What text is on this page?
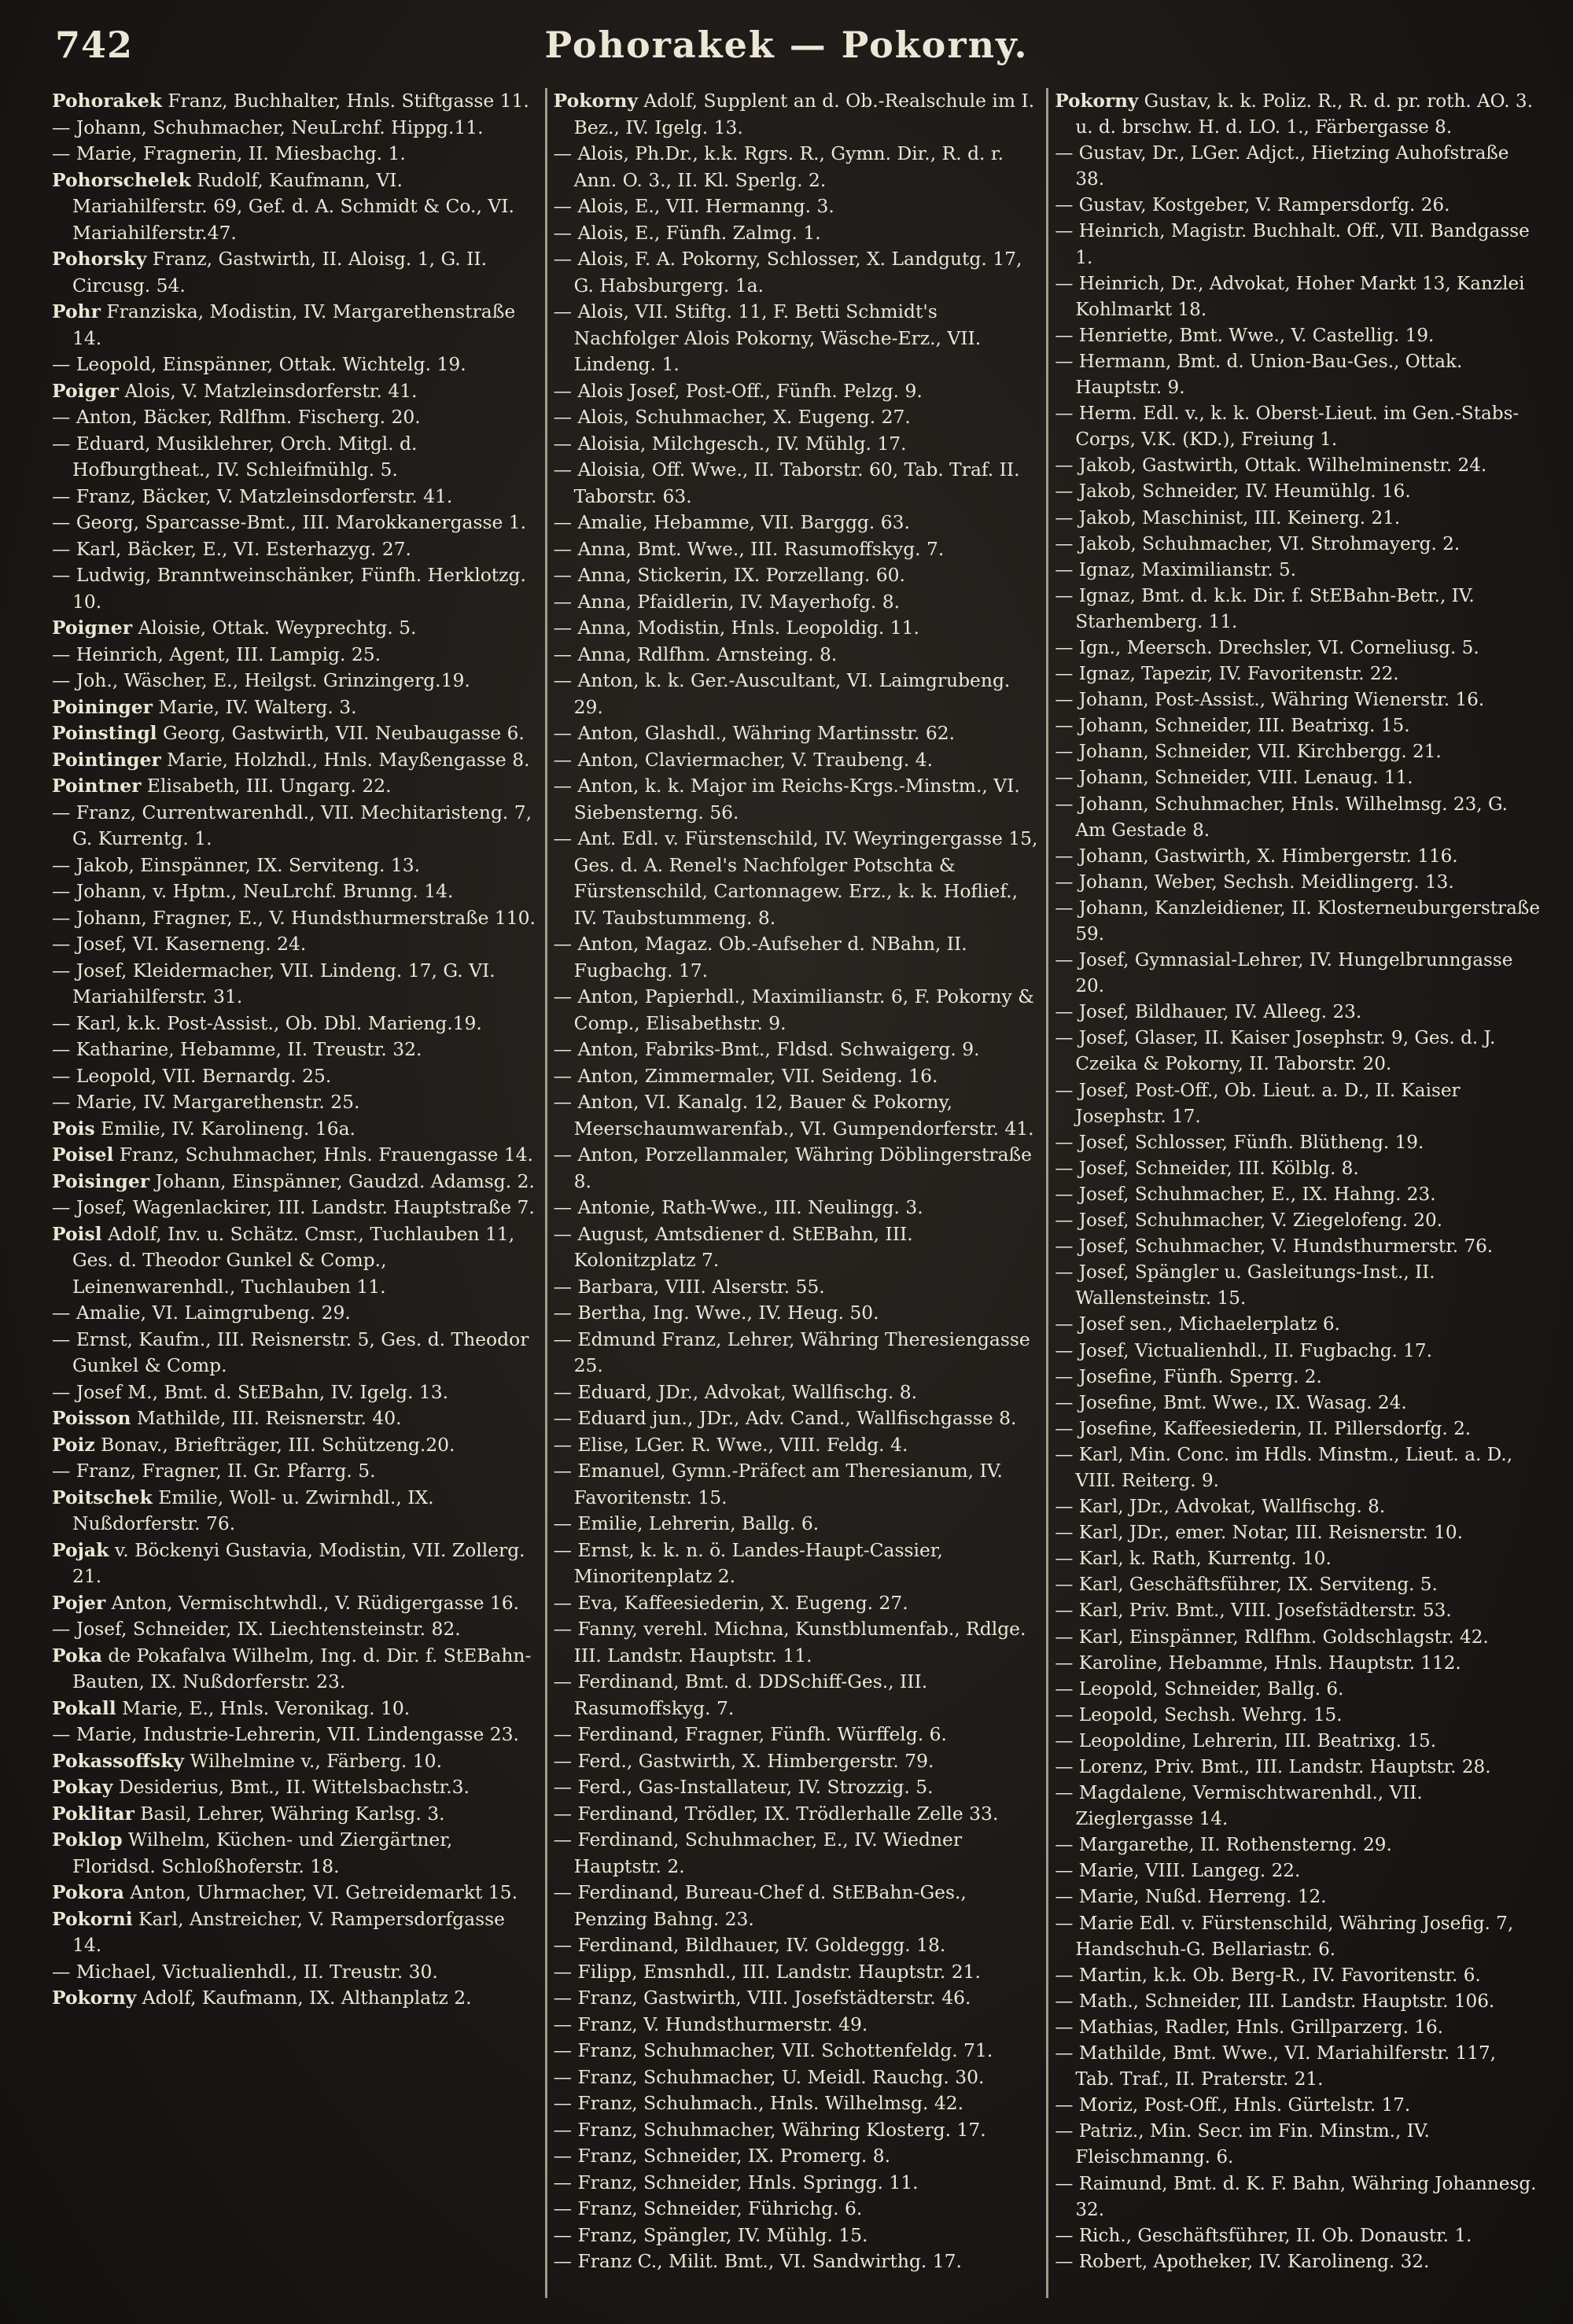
742	Pohorakek — Pokorny.
Pohorakek Franz, Buchhalter, Hnls. Stiftgasse 11.
— Johann, Schuhmacher, NeuLrchf. Hippg.11.
— Marie, Fragnerin, II. Miesbachg. 1.
Pohorschelek Rudolf, Kaufmann, VI. Mariahilferstr. 69, Gef. d. A. Schmidt & Co., VI. Mariahilferstr.47.
Pohorsky Franz, Gastwirth, II. Aloisg. 1, G. II. Circusg. 54.
Pohr Franziska, Modistin, IV. Margarethenstraße 14.
— Leopold, Einspänner, Ottak. Wichtelg. 19.
Poiger Alois, V. Matzleinsdorferstr. 41.
— Anton, Bäcker, Rdlfhm. Fischerg. 20.
— Eduard, Musiklehrer, Orch. Mitgl. d. Hofburgtheat., IV. Schleifmühlg. 5.
— Franz, Bäcker, V. Matzleinsdorferstr. 41.
— Georg, Sparcasse-Bmt., III. Marokkanergasse 1.
— Karl, Bäcker, E., VI. Esterhazyg. 27.
— Ludwig, Branntweinschänker, Fünfh. Herklotzg. 10.
Poigner Aloisie, Ottak. Weyprechtg. 5.
— Heinrich, Agent, III. Lampig. 25.
— Joh., Wäscher, E., Heilgst. Grinzingerg.19.
Poininger Marie, IV. Walterg. 3.
Poinstingl Georg, Gastwirth, VII. Neubaugasse 6.
Pointinger Marie, Holzhdl., Hnls. Mayßengasse 8.
Pointner Elisabeth, III. Ungarg. 22.
— Franz, Currentwarenhdl., VII. Mechitaristeng. 7, G. Kurrentg. 1.
— Jakob, Einspänner, IX. Serviteng. 13.
— Johann, v. Hptm., NeuLrchf. Brunng. 14.
— Johann, Fragner, E., V. Hundsthurmerstraße 110.
— Josef, VI. Kaserneng. 24.
— Josef, Kleidermacher, VII. Lindeng. 17, G. VI. Mariahilferstr. 31.
— Karl, k.k. Post-Assist., Ob. Dbl. Marieng.19.
— Katharine, Hebamme, II. Treustr. 32.
— Leopold, VII. Bernardg. 25.
— Marie, IV. Margarethenstr. 25.
Pois Emilie, IV. Karolineng. 16a.
Poisel Franz, Schuhmacher, Hnls. Frauengasse 14.
Poisinger Johann, Einspänner, Gaudzd. Adamsg. 2.
— Josef, Wagenlackirer, III. Landstr. Hauptstraße 7.
Poisl Adolf, Inv. u. Schätz. Cmsr., Tuchlauben 11, Ges. d. Theodor Gunkel & Comp., Leinenwarenhdl., Tuchlauben 11.
— Amalie, VI. Laimgrubeng. 29.
— Ernst, Kaufm., III. Reisnerstr. 5, Ges. d. Theodor Gunkel & Comp.
— Josef M., Bmt. d. StEBahn, IV. Igelg. 13.
Poisson Mathilde, III. Reisnerstr. 40.
Poiz Bonav., Briefträger, III. Schützeng.20.
— Franz, Fragner, II. Gr. Pfarrg. 5.
Poitschek Emilie, Woll- u. Zwirnhdl., IX. Nußdorferstr. 76.
Pojak v. Böckenyi Gustavia, Modistin, VII. Zollerg. 21.
Pojer Anton, Vermischtwhdl., V. Rüdigergasse 16.
— Josef, Schneider, IX. Liechtensteinstr. 82.
Poka de Pokafalva Wilhelm, Ing. d. Dir. f. StEBahn-Bauten, IX. Nußdorferstr. 23.
Pokall Marie, E., Hnls. Veronikag. 10.
— Marie, Industrie-Lehrerin, VII. Lindengasse 23.
Pokassoffsky Wilhelmine v., Färberg. 10.
Pokay Desiderius, Bmt., II. Wittelsbachstr.3.
Poklitar Basil, Lehrer, Währing Karlsg. 3.
Poklop Wilhelm, Küchen- und Ziergärtner, Floridsd. Schloßhoferstr. 18.
Pokora Anton, Uhrmacher, VI. Getreidemarkt 15.
Pokorni Karl, Anstreicher, V. Rampersdorfgasse 14.
— Michael, Victualienhdl., II. Treustr. 30.
Pokorny Adolf, Kaufmann, IX. Althanplatz 2.
Pokorny Adolf, Supplent an d. Ob.-Realschule im I. Bez., IV. Igelg. 13.
— Alois, Ph.Dr., k.k. Rgrs. R., Gymn. Dir., R. d. r. Ann. O. 3., II. Kl. Sperlg. 2.
— Alois, E., VII. Hermanng. 3.
— Alois, E., Fünfh. Zalmg. 1.
— Alois, F. A. Pokorny, Schlosser, X. Landgutg. 17, G. Habsburgerg. 1a.
— Alois, VII. Stiftg. 11, F. Betti Schmidt's Nachfolger Alois Pokorny, Wäsche-Erz., VII. Lindeng. 1.
— Alois Josef, Post-Off., Fünfh. Pelzg. 9.
— Alois, Schuhmacher, X. Eugeng. 27.
— Aloisia, Milchgesch., IV. Mühlg. 17.
— Aloisia, Off. Wwe., II. Taborstr. 60, Tab. Traf. II. Taborstr. 63.
— Amalie, Hebamme, VII. Barggg. 63.
— Anna, Bmt. Wwe., III. Rasumoffskyg. 7.
— Anna, Stickerin, IX. Porzellang. 60.
— Anna, Pfaidlerin, IV. Mayerhofg. 8.
— Anna, Modistin, Hnls. Leopoldig. 11.
— Anna, Rdlfhm. Arnsteing. 8.
— Anton, k. k. Ger.-Auscultant, VI. Laimgrubeng. 29.
— Anton, Glashdl., Währing Martinsstr. 62.
— Anton, Claviermacher, V. Traubeng. 4.
— Anton, k. k. Major im Reichs-Krgs.-Minstm., VI. Siebensterng. 56.
— Ant. Edl. v. Fürstenschild, IV. Weyringergasse 15, Ges. d. A. Renel's Nachfolger Potschta & Fürstenschild, Cartonnagew. Erz., k. k. Hoflief., IV. Taubstummeng. 8.
— Anton, Magaz. Ob.-Aufseher d. NBahn, II. Fugbachg. 17.
— Anton, Papierhdl., Maximilianstr. 6, F. Pokorny & Comp., Elisabethstr. 9.
— Anton, Fabriks-Bmt., Fldsd. Schwaigerg. 9.
— Anton, Zimmermaler, VII. Seideng. 16.
— Anton, VI. Kanalg. 12, Bauer & Pokorny, Meerschaumwarenfab., VI. Gumpendorferstr. 41.
— Anton, Porzellanmaler, Währing Döblingerstraße 8.
— Antonie, Rath-Wwe., III. Neulingg. 3.
— August, Amtsdiener d. StEBahn, III. Kolonitzplatz 7.
— Barbara, VIII. Alserstr. 55.
— Bertha, Ing. Wwe., IV. Heug. 50.
— Edmund Franz, Lehrer, Währing Theresiengasse 25.
— Eduard, JDr., Advokat, Wallfischg. 8.
— Eduard jun., JDr., Adv. Cand., Wallfischgasse 8.
— Elise, LGer. R. Wwe., VIII. Feldg. 4.
— Emanuel, Gymn.-Präfect am Theresianum, IV. Favoritenstr. 15.
— Emilie, Lehrerin, Ballg. 6.
— Ernst, k. k. n. ö. Landes-Haupt-Cassier, Minoritenplatz 2.
— Eva, Kaffeesiederin, X. Eugeng. 27.
— Fanny, verehl. Michna, Kunstblumenfab., Rdlge. III. Landstr. Hauptstr. 11.
— Ferdinand, Bmt. d. DDSchiff-Ges., III. Rasumoffskyg. 7.
— Ferdinand, Fragner, Fünfh. Würffelg. 6.
— Ferd., Gastwirth, X. Himbergerstr. 79.
— Ferd., Gas-Installateur, IV. Strozzig. 5.
— Ferdinand, Trödler, IX. Trödlerhalle Zelle 33.
— Ferdinand, Schuhmacher, E., IV. Wiedner Hauptstr. 2.
— Ferdinand, Bureau-Chef d. StEBahn-Ges., Penzing Bahng. 23.
— Ferdinand, Bildhauer, IV. Goldeggg. 18.
— Filipp, Emsnhdl., III. Landstr. Hauptstr. 21.
— Franz, Gastwirth, VIII. Josefstädterstr. 46.
— Franz, V. Hundsthurmerstr. 49.
— Franz, Schuhmacher, VII. Schottenfeldg. 71.
— Franz, Schuhmacher, U. Meidl. Rauchg. 30.
— Franz, Schuhmach., Hnls. Wilhelmsg. 42.
— Franz, Schuhmacher, Währing Klosterg. 17.
— Franz, Schneider, IX. Promerg. 8.
— Franz, Schneider, Hnls. Springg. 11.
— Franz, Schneider, Führichg. 6.
— Franz, Spängler, IV. Mühlg. 15.
— Franz C., Milit. Bmt., VI. Sandwirthg. 17.
Pokorny Gustav, k. k. Poliz. R., R. d. pr. roth. AO. 3. u. d. brschw. H. d. LO. 1., Färbergasse 8.
— Gustav, Dr., LGer. Adjct., Hietzing Auhofstraße 38.
— Gustav, Kostgeber, V. Rampersdorfg. 26.
— Heinrich, Magistr. Buchhalt. Off., VII. Bandgasse 1.
— Heinrich, Dr., Advokat, Hoher Markt 13, Kanzlei Kohlmarkt 18.
— Henriette, Bmt. Wwe., V. Castellig. 19.
— Hermann, Bmt. d. Union-Bau-Ges., Ottak. Hauptstr. 9.
— Herm. Edl. v., k. k. Oberst-Lieut. im Gen.-Stabs-Corps, V.K. (KD.), Freiung 1.
— Jakob, Gastwirth, Ottak. Wilhelminenstr. 24.
— Jakob, Schneider, IV. Heumühlg. 16.
— Jakob, Maschinist, III. Keinerg. 21.
— Jakob, Schuhmacher, VI. Strohmayerg. 2.
— Ignaz, Maximilianstr. 5.
— Ignaz, Bmt. d. k.k. Dir. f. StEBahn-Betr., IV. Starhemberg. 11.
— Ign., Meersch. Drechsler, VI. Corneliusg. 5.
— Ignaz, Tapezir, IV. Favoritenstr. 22.
— Johann, Post-Assist., Währing Wienerstr. 16.
— Johann, Schneider, III. Beatrixg. 15.
— Johann, Schneider, VII. Kirchbergg. 21.
— Johann, Schneider, VIII. Lenaug. 11.
— Johann, Schuhmacher, Hnls. Wilhelmsg. 23, G. Am Gestade 8.
— Johann, Gastwirth, X. Himbergerstr. 116.
— Johann, Weber, Sechsh. Meidlingerg. 13.
— Johann, Kanzleidiener, II. Klosterneuburgerstraße 59.
— Josef, Gymnasial-Lehrer, IV. Hungelbrunngasse 20.
— Josef, Bildhauer, IV. Alleeg. 23.
— Josef, Glaser, II. Kaiser Josephstr. 9, Ges. d. J. Czeika & Pokorny, II. Taborstr. 20.
— Josef, Post-Off., Ob. Lieut. a. D., II. Kaiser Josephstr. 17.
— Josef, Schlosser, Fünfh. Blütheng. 19.
— Josef, Schneider, III. Kölblg. 8.
— Josef, Schuhmacher, E., IX. Hahng. 23.
— Josef, Schuhmacher, V. Ziegelofeng. 20.
— Josef, Schuhmacher, V. Hundsthurmerstr. 76.
— Josef, Spängler u. Gasleitungs-Inst., II. Wallensteinstr. 15.
— Josef sen., Michaelerplatz 6.
— Josef, Victualienhdl., II. Fugbachg. 17.
— Josefine, Fünfh. Sperrg. 2.
— Josefine, Bmt. Wwe., IX. Wasag. 24.
— Josefine, Kaffeesiederin, II. Pillersdorfg. 2.
— Karl, Min. Conc. im Hdls. Minstm., Lieut. a. D., VIII. Reiterg. 9.
— Karl, JDr., Advokat, Wallfischg. 8.
— Karl, JDr., emer. Notar, III. Reisnerstr. 10.
— Karl, k. Rath, Kurrentg. 10.
— Karl, Geschäftsführer, IX. Serviteng. 5.
— Karl, Priv. Bmt., VIII. Josefstädterstr. 53.
— Karl, Einspänner, Rdlfhm. Goldschlagstr. 42.
— Karoline, Hebamme, Hnls. Hauptstr. 112.
— Leopold, Schneider, Ballg. 6.
— Leopold, Sechsh. Wehrg. 15.
— Leopoldine, Lehrerin, III. Beatrixg. 15.
— Lorenz, Priv. Bmt., III. Landstr. Hauptstr. 28.
— Magdalene, Vermischtwarenhdl., VII. Zieglergasse 14.
— Margarethe, II. Rothensterng. 29.
— Marie, VIII. Langeg. 22.
— Marie, Nußd. Herreng. 12.
— Marie Edl. v. Fürstenschild, Währing Josefig. 7, Handschuh-G. Bellariastr. 6.
— Martin, k.k. Ob. Berg-R., IV. Favoritenstr. 6.
— Math., Schneider, III. Landstr. Hauptstr. 106.
— Mathias, Radler, Hnls. Grillparzerg. 16.
— Mathilde, Bmt. Wwe., VI. Mariahilferstr. 117, Tab. Traf., II. Praterstr. 21.
— Moriz, Post-Off., Hnls. Gürtelstr. 17.
— Patriz., Min. Secr. im Fin. Minstm., IV. Fleischmanng. 6.
— Raimund, Bmt. d. K. F. Bahn, Währing Johannesg. 32.
— Rich., Geschäftsführer, II. Ob. Donaustr. 1.
— Robert, Apotheker, IV. Karolineng. 32.
